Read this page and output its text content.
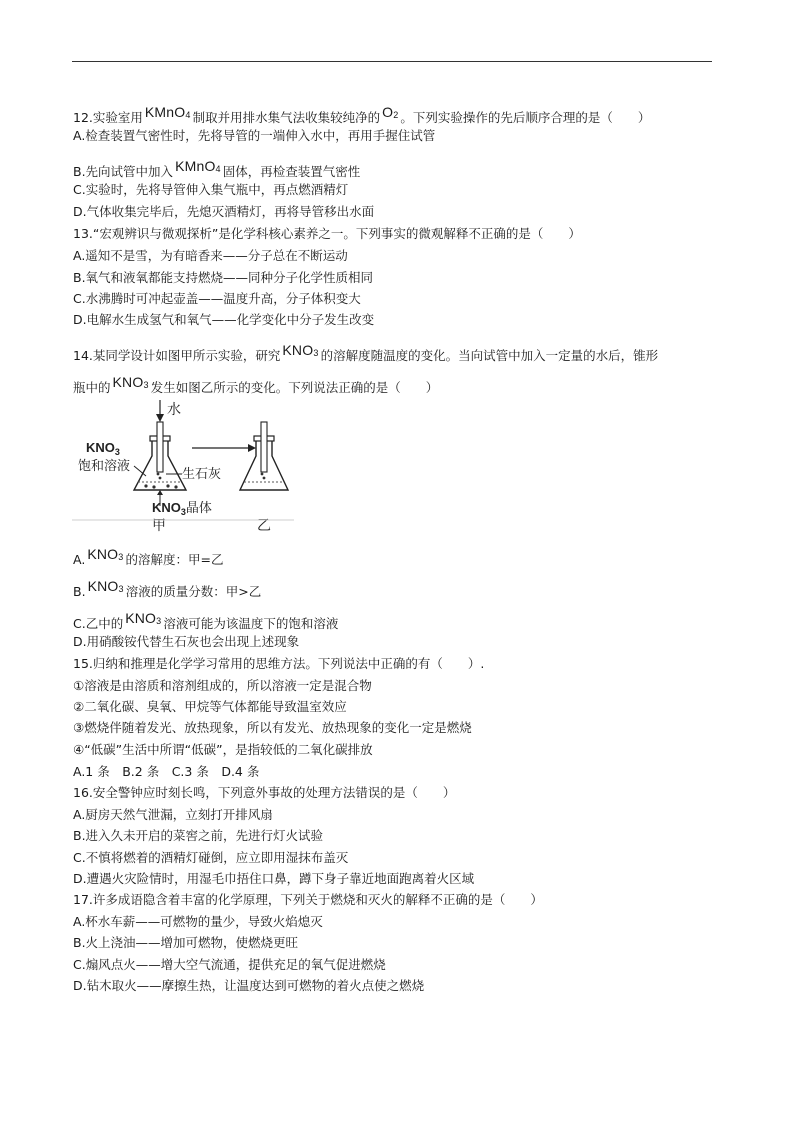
12.实验室用 KMnO$_4$ 制取并用排水集气法收集较纯净的 $O_2$ 。下列实验操作的先后顺序合理的是（　　）
A.检查装置气密性时，先将导管的一端伸入水中，再用手握住试管
B.先向试管中加入 KMnO$_4$ 固体，再检查装置气密性
C.实验时，先将导管伸入集气瓶中，再点燃酒精灯
D.气体收集完毕后，先熄灭酒精灯，再将导管移出水面
13.“宏观辨识与微观探析”是化学科核心素养之一。下列事实的微观解释不正确的是（　　）
A.遥知不是雪，为有暗香来——分子总在不断运动
B.氧气和液氧都能支持燃烧——同种分子化学性质相同
C.水沸腾时可冲起壶盖——温度升高，分子体积变大
D.电解水生成氢气和氧气——化学变化中分子发生改变
14.某同学设计如图甲所示实验，研究 $KNO_3$ 的溶解度随温度的变化。当向试管中加入一定量的水后，锥形
瓶中的 $KNO_3$ 发生如图乙所示的变化。下列说法正确的是（　　）
水
$KNO_3$
饱和溶液
生石灰
$KNO_3$晶体
甲	乙
A. $KNO_3$ 的溶解度：甲=乙
B. $KNO_3$ 溶液的质量分数：甲>乙
C.乙中的 $KNO_3$ 溶液可能为该温度下的饱和溶液
D.用硝酸铵代替生石灰也会出现上述现象
15.归纳和推理是化学学习常用的思维方法。下列说法中正确的有（　　）.
①溶液是由溶质和溶剂组成的，所以溶液一定是混合物
②二氧化碳、臭氧、甲烷等气体都能导致温室效应
③燃烧伴随着发光、放热现象，所以有发光、放热现象的变化一定是燃烧
④“低碳”生活中所谓“低碳”，是指较低的二氧化碳排放
A.1 条　B.2 条　C.3 条　D.4 条
16.安全警钟应时刻长鸣，下列意外事故的处理方法错误的是（　　）
A.厨房天然气泄漏，立刻打开排风扇
B.进入久未开启的菜窖之前，先进行灯火试验
C.不慎将燃着的酒精灯碰倒，应立即用湿抹布盖灭
D.遭遇火灾险情时，用湿毛巾捂住口鼻，蹲下身子靠近地面跑离着火区域
17.许多成语隐含着丰富的化学原理，下列关于燃烧和灭火的解释不正确的是（　　）
A.杯水车薪——可燃物的量少，导致火焰熄灭
B.火上浇油——增加可燃物，使燃烧更旺
C.煽风点火——增大空气流通，提供充足的氧气促进燃烧
D.钻木取火——摩擦生热，让温度达到可燃物的着火点使之燃烧
